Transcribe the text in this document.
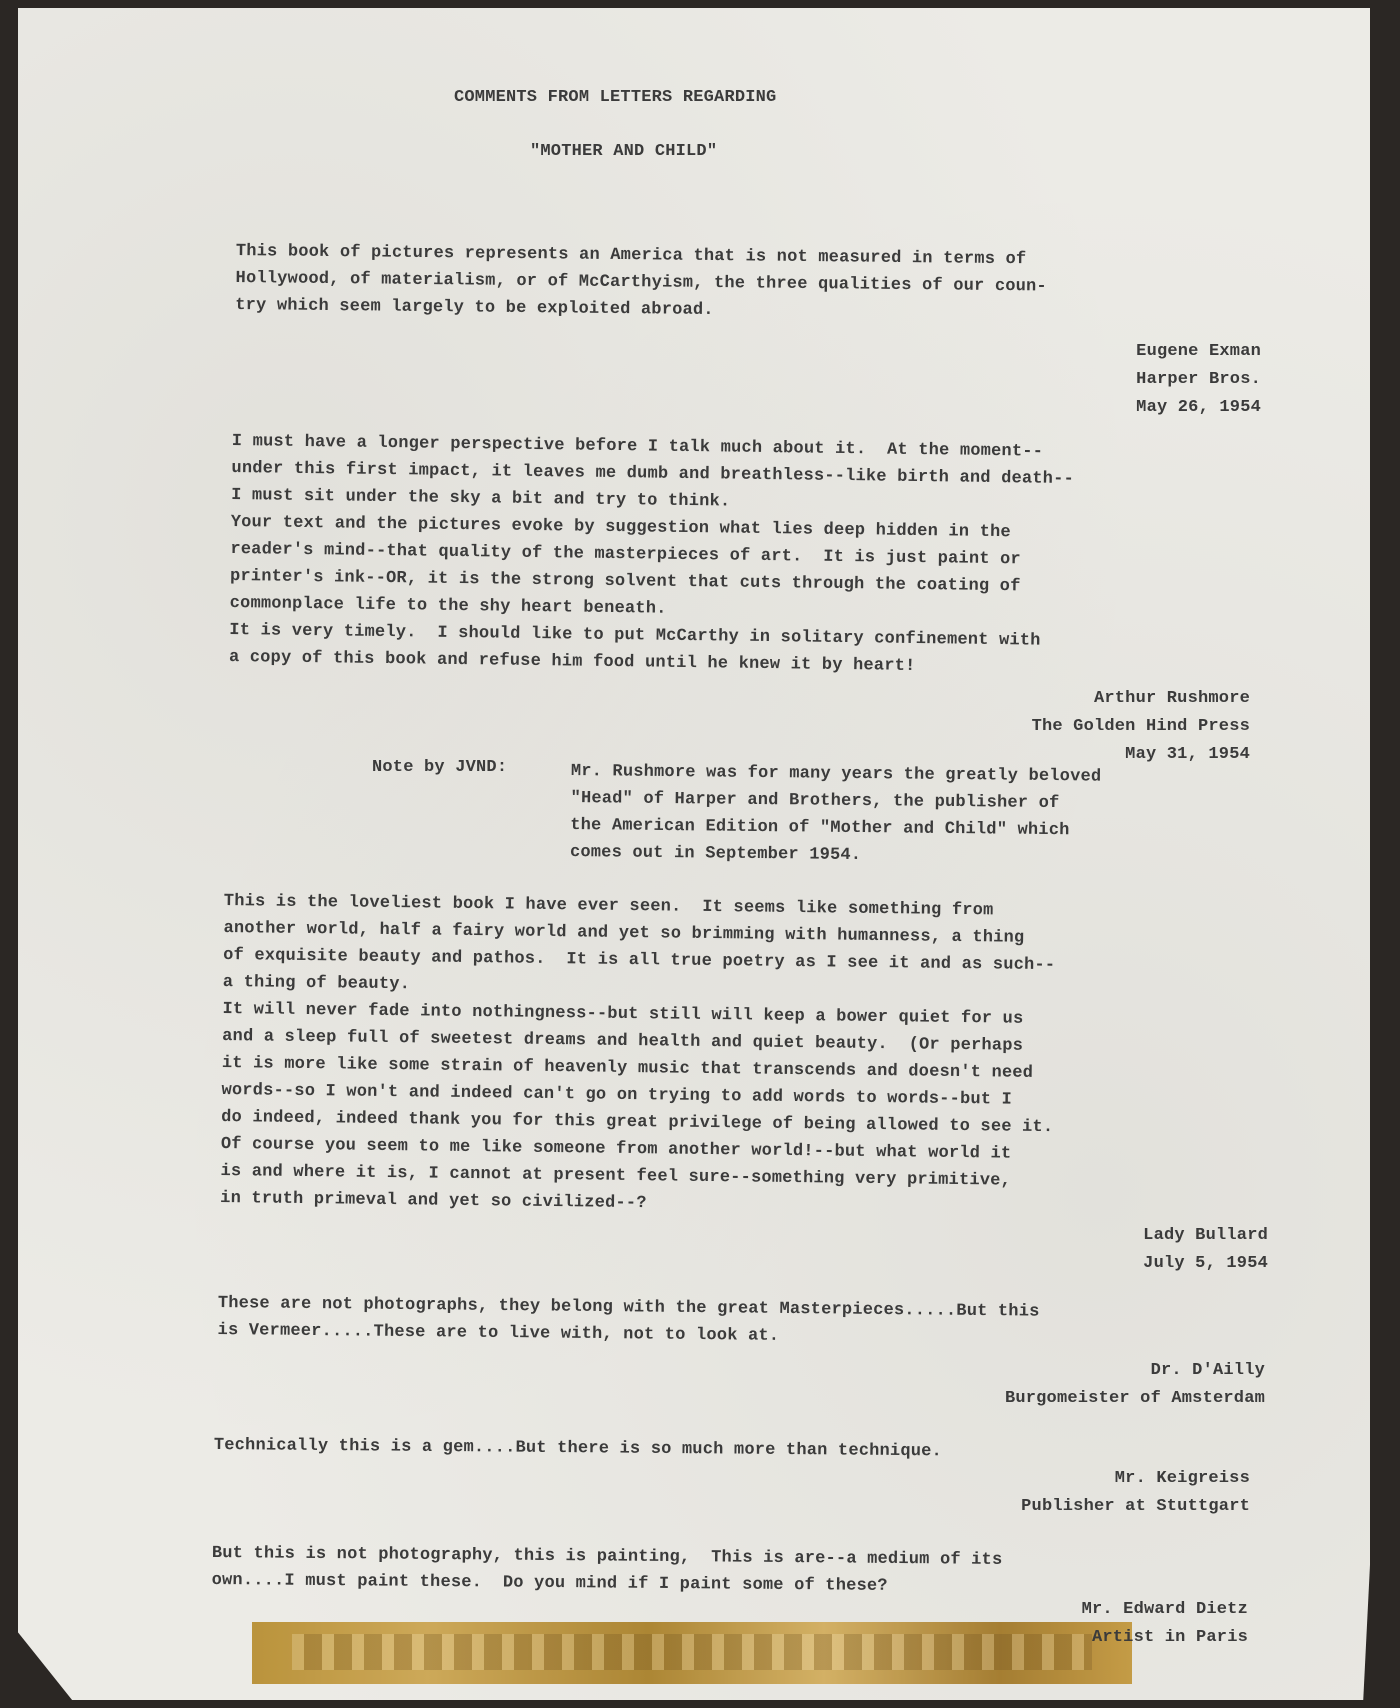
COMMENTS FROM LETTERS REGARDING
"MOTHER AND CHILD"
This book of pictures represents an America that is not measured in terms of
Hollywood, of materialism, or of McCarthyism, the three qualities of our coun-
try which seem largely to be exploited abroad.
Eugene Exman
Harper Bros.
May 26, 1954
I must have a longer perspective before I talk much about it.  At the moment--
under this first impact, it leaves me dumb and breathless--like birth and death--
I must sit under the sky a bit and try to think.
Your text and the pictures evoke by suggestion what lies deep hidden in the
reader's mind--that quality of the masterpieces of art.  It is just paint or
printer's ink--OR, it is the strong solvent that cuts through the coating of
commonplace life to the shy heart beneath.
It is very timely.  I should like to put McCarthy in solitary confinement with
a copy of this book and refuse him food until he knew it by heart!
Arthur Rushmore
The Golden Hind Press
May 31, 1954
Note by JVND:	Mr. Rushmore was for many years the greatly beloved
"Head" of Harper and Brothers, the publisher of
the American Edition of "Mother and Child" which
comes out in September 1954.
This is the loveliest book I have ever seen.  It seems like something from
another world, half a fairy world and yet so brimming with humanness, a thing
of exquisite beauty and pathos.  It is all true poetry as I see it and as such--
a thing of beauty.
It will never fade into nothingness--but still will keep a bower quiet for us
and a sleep full of sweetest dreams and health and quiet beauty.  (Or perhaps
it is more like some strain of heavenly music that transcends and doesn't need
words--so I won't and indeed can't go on trying to add words to words--but I
do indeed, indeed thank you for this great privilege of being allowed to see it.
Of course you seem to me like someone from another world!--but what world it
is and where it is, I cannot at present feel sure--something very primitive,
in truth primeval and yet so civilized--?
Lady Bullard
July 5, 1954
These are not photographs, they belong with the great Masterpieces.....But this
is Vermeer.....These are to live with, not to look at.
Dr. D'Ailly
Burgomeister of Amsterdam
Technically this is a gem....But there is so much more than technique.
Mr. Keigreiss
Publisher at Stuttgart
But this is not photography, this is painting,  This is are--a medium of its
own....I must paint these.  Do you mind if I paint some of these?
Mr. Edward Dietz
Artist in Paris
